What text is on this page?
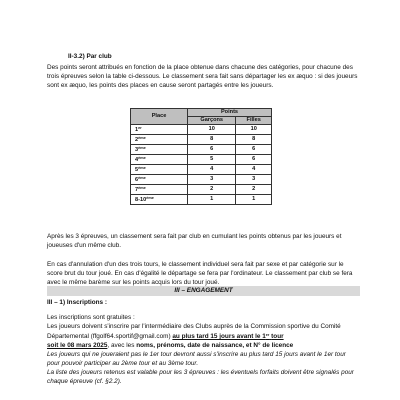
II-3.2) Par club

Des points seront attribués en fonction de la place obtenue dans chacune des catégories, pour chacune des trois épreuves selon la table ci-dessous. Le classement sera fait sans départager les ex æquo : si des joueurs sont ex æquo, les points des places en cause seront partagés entre les joueurs.

Place	Points	
	Garçons	Filles
1er	10	10
2ème	8	8
3ème	6	6
4ème	5	6
5ème	4	4
6ème	3	3
7ème	2	2
8-10ème	1	1

Après les 3 épreuves, un classement sera fait par club en cumulant les points obtenus par les joueurs et joueuses d'un même club.

En cas d'annulation d'un des trois tours, le classement individuel sera fait par sexe et par catégorie sur le score brut du tour joué. En cas d'égalité le départage se fera par l'ordinateur. Le classement par club se fera avec le même barème sur les points acquis lors du tour joué.

III – ENGAGEMENT
III – 1) Inscriptions :
Les inscriptions sont gratuites :

Les joueurs doivent s'inscrire par l'intermédiaire des Clubs auprès de la Commission sportive du Comité Départemental (ffgolf64.sportif@gmail.com) au plus tard 15 jours avant le 1er tour
soit le 08 mars 2025, avec les noms, prénoms, date de naissance, et N° de licence
Les joueurs qui ne joueraient pas le 1er tour devront aussi s'inscrire au plus tard 15 jours avant le 1er tour pour pouvoir participer au 2ème tour et au 3ème tour.
La liste des joueurs retenus est valable pour les 3 épreuves : les éventuels forfaits doivent être signalés pour chaque épreuve (cf. §2.2).
